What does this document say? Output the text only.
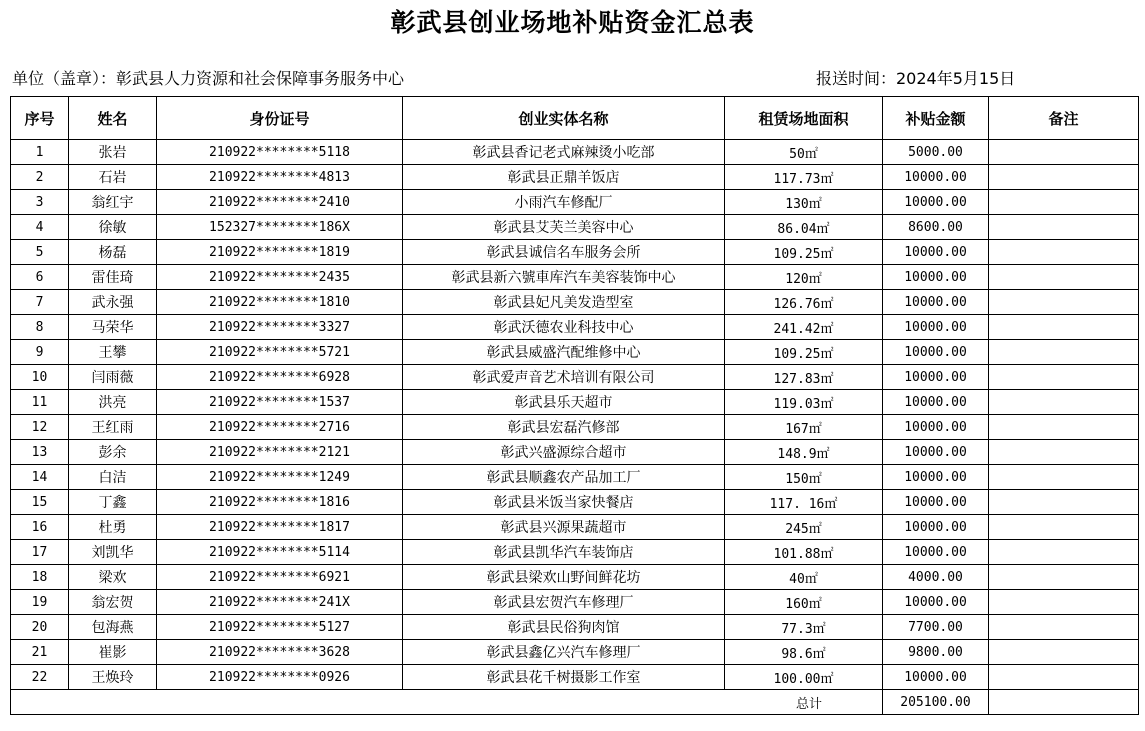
彰武县创业场地补贴资金汇总表
单位（盖章）：彰武县人力资源和社会保障事务服务中心	报送时间：2024年5月15日
序号	姓名	身份证号	创业实体名称	租赁场地面积	补贴金额	备注
1	张岩	210922********5118	彰武县香记老式麻辣烫小吃部	50㎡	5000.00	
2	石岩	210922********4813	彰武县正鼎羊饭店	117.73㎡	10000.00	
3	翁红宇	210922********2410	小雨汽车修配厂	130㎡	10000.00	
4	徐敏	152327********186X	彰武县艾芙兰美容中心	86.04㎡	8600.00	
5	杨磊	210922********1819	彰武县诚信名车服务会所	109.25㎡	10000.00	
6	雷佳琦	210922********2435	彰武县新六號車库汽车美容装饰中心	120㎡	10000.00	
7	武永强	210922********1810	彰武县妃凡美发造型室	126.76㎡	10000.00	
8	马荣华	210922********3327	彰武沃德农业科技中心	241.42㎡	10000.00	
9	王攀	210922********5721	彰武县威盛汽配维修中心	109.25㎡	10000.00	
10	闫雨薇	210922********6928	彰武爱声音艺术培训有限公司	127.83㎡	10000.00	
11	洪亮	210922********1537	彰武县乐天超市	119.03㎡	10000.00	
12	王红雨	210922********2716	彰武县宏磊汽修部	167㎡	10000.00	
13	彭余	210922********2121	彰武兴盛源综合超市	148.9㎡	10000.00	
14	白洁	210922********1249	彰武县顺鑫农产品加工厂	150㎡	10000.00	
15	丁鑫	210922********1816	彰武县米饭当家快餐店	117. 16㎡	10000.00	
16	杜勇	210922********1817	彰武县兴源果蔬超市	245㎡	10000.00	
17	刘凯华	210922********5114	彰武县凯华汽车装饰店	101.88㎡	10000.00	
18	梁欢	210922********6921	彰武县梁欢山野间鲜花坊	40㎡	4000.00	
19	翁宏贺	210922********241X	彰武县宏贺汽车修理厂	160㎡	10000.00	
20	包海燕	210922********5127	彰武县民俗狗肉馆	77.3㎡	7700.00	
21	崔影	210922********3628	彰武县鑫亿兴汽车修理厂	98.6㎡	9800.00	
22	王焕玲	210922********0926	彰武县花千树摄影工作室	100.00㎡	10000.00	
总计					205100.00	
